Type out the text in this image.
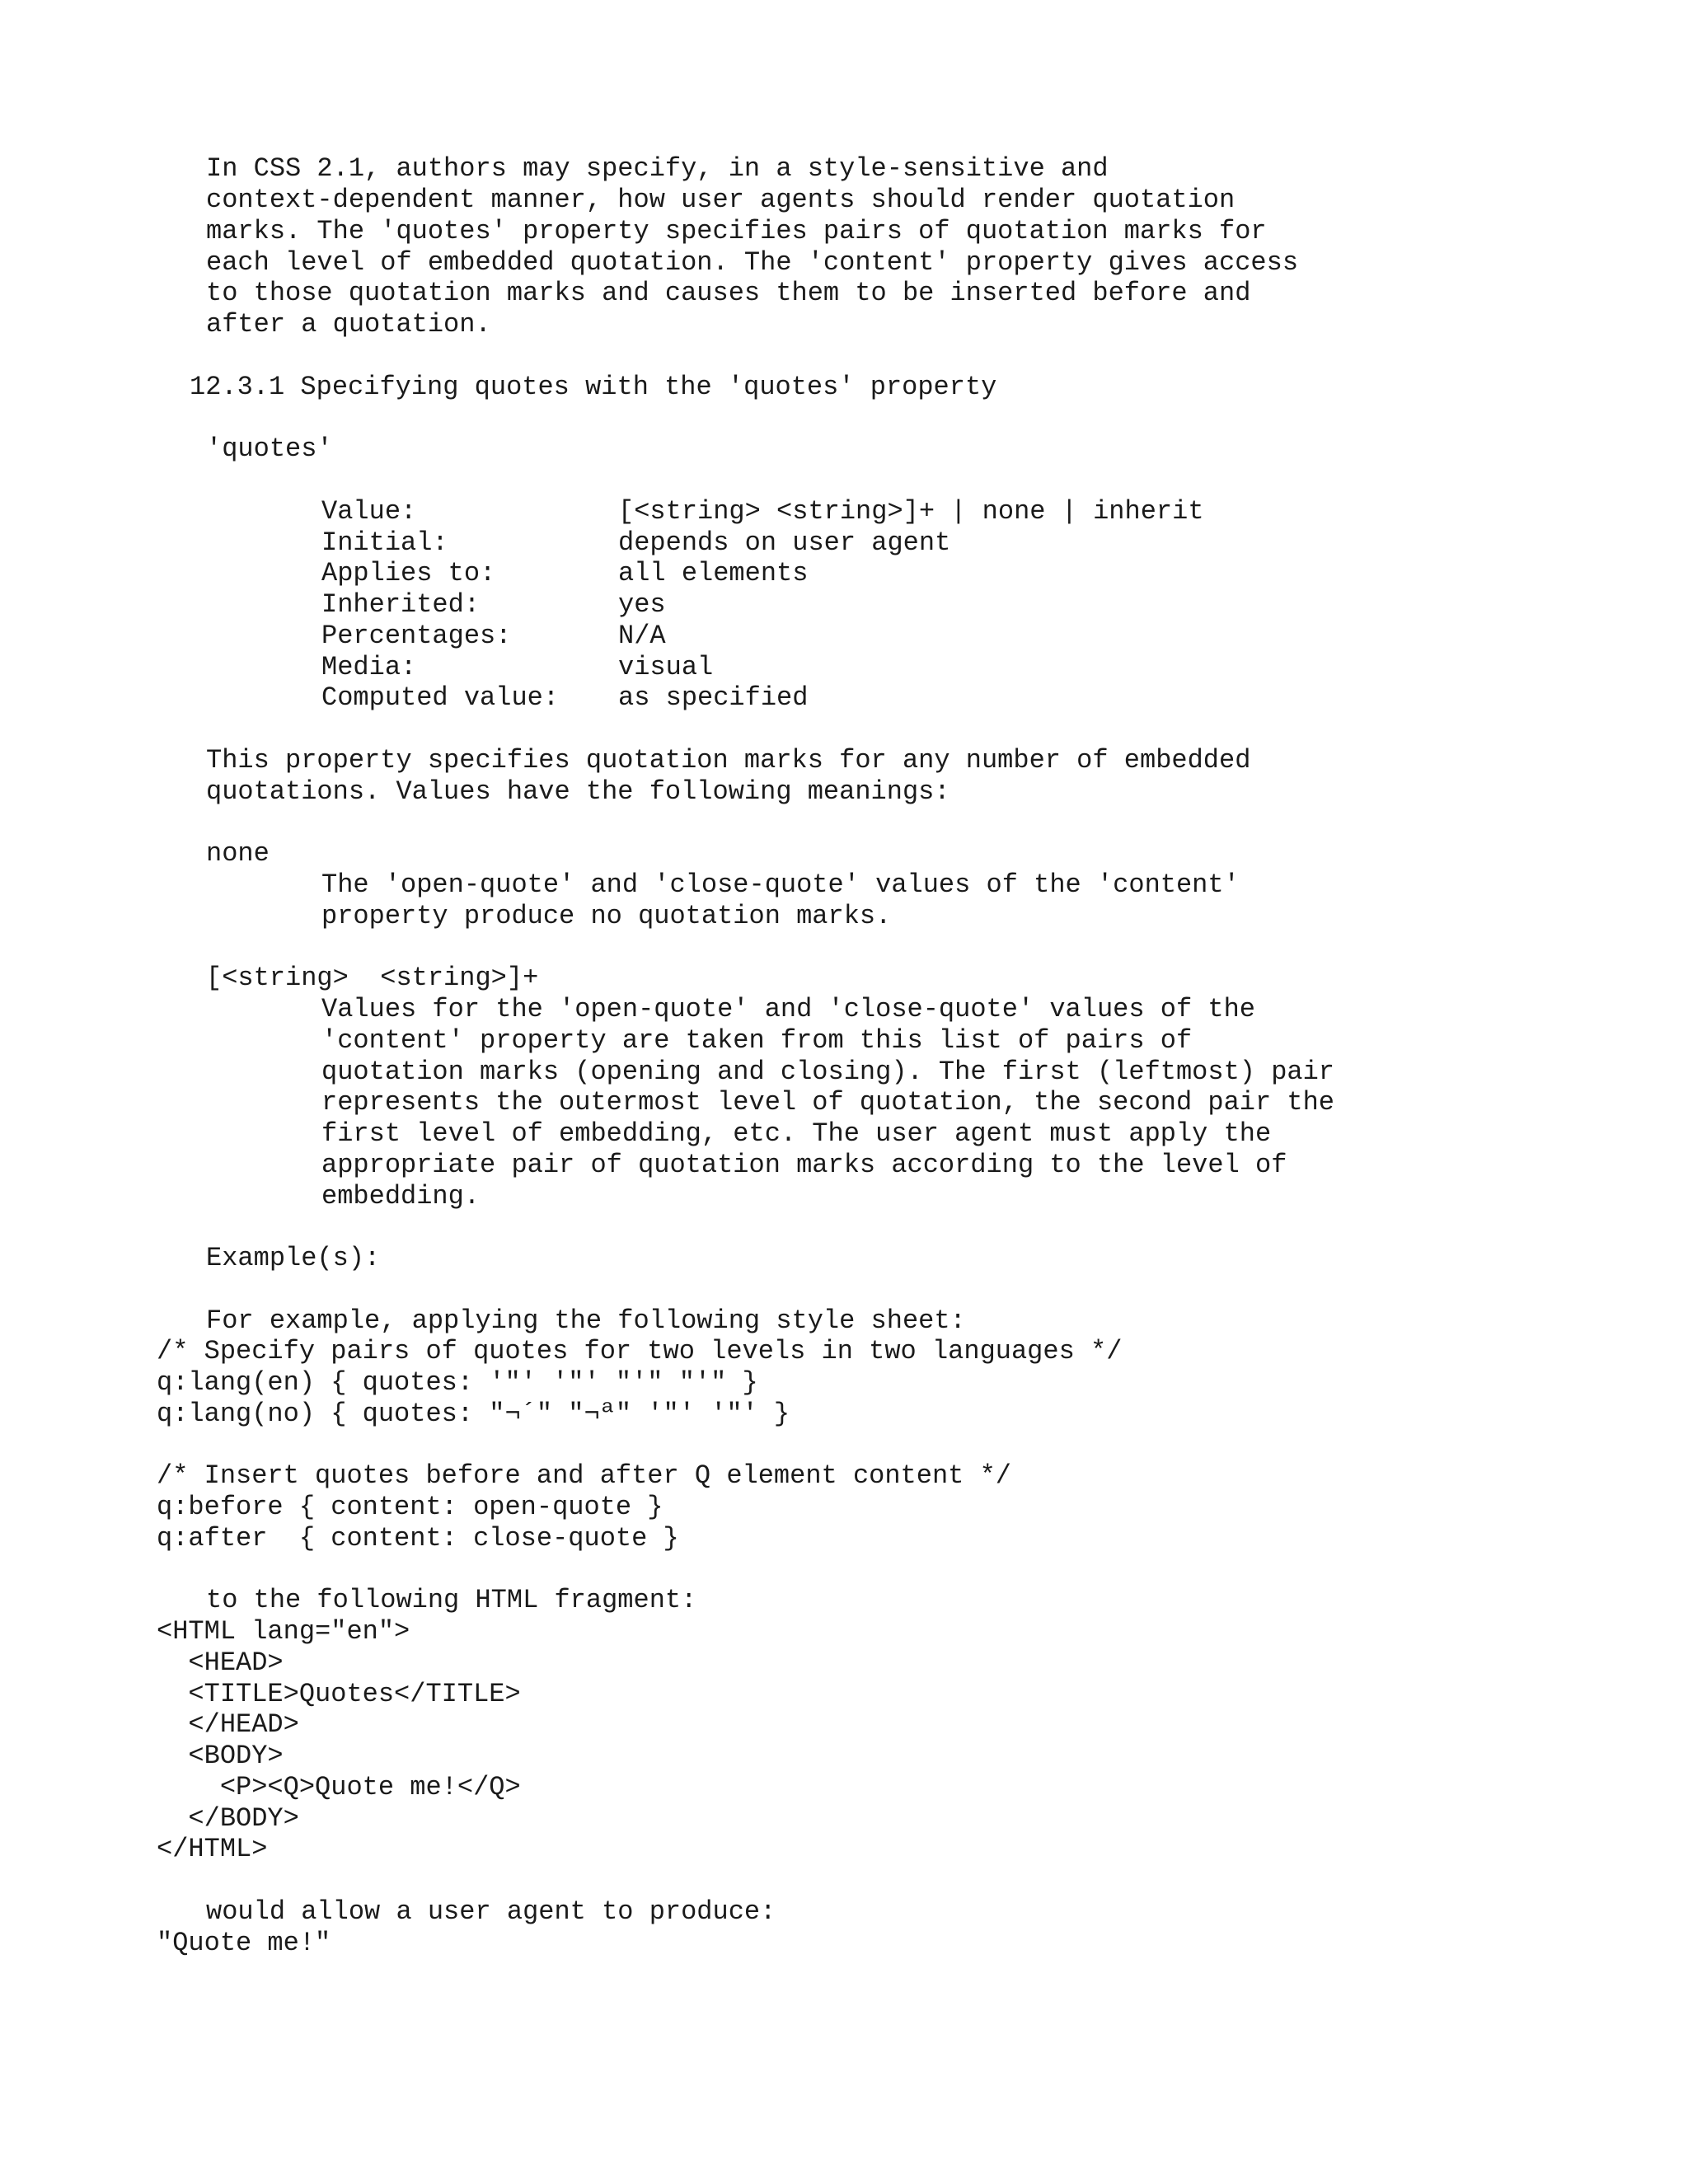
In CSS 2.1, authors may specify, in a style-sensitive and
context-dependent manner, how user agents should render quotation
marks. The 'quotes' property specifies pairs of quotation marks for
each level of embedded quotation. The 'content' property gives access
to those quotation marks and causes them to be inserted before and
after a quotation.
12.3.1 Specifying quotes with the 'quotes' property
'quotes'
Value:	[<string> <string>]+ | none | inherit
Initial:	depends on user agent
Applies to:	all elements
Inherited:	yes
Percentages:	N/A
Media:	visual
Computed value: as specified
This property specifies quotation marks for any number of embedded
quotations. Values have the following meanings:
none
The 'open-quote' and 'close-quote' values of the 'content'
property produce no quotation marks.
[<string>  <string>]+
Values for the 'open-quote' and 'close-quote' values of the
'content' property are taken from this list of pairs of
quotation marks (opening and closing). The first (leftmost) pair
represents the outermost level of quotation, the second pair the
first level of embedding, etc. The user agent must apply the
appropriate pair of quotation marks according to the level of
embedding.
Example(s):
For example, applying the following style sheet:
/* Specify pairs of quotes for two levels in two languages */
q:lang(en) { quotes: '"' '"' "'" "'" }
q:lang(no) { quotes: "¬´" "¬ª" '"' '"' }
/* Insert quotes before and after Q element content */
q:before { content: open-quote }
q:after  { content: close-quote }
to the following HTML fragment:
<HTML lang="en">
<HEAD>
<TITLE>Quotes</TITLE>
</HEAD>
<BODY>
<P><Q>Quote me!</Q>
</BODY>
</HTML>
would allow a user agent to produce:
"Quote me!"
